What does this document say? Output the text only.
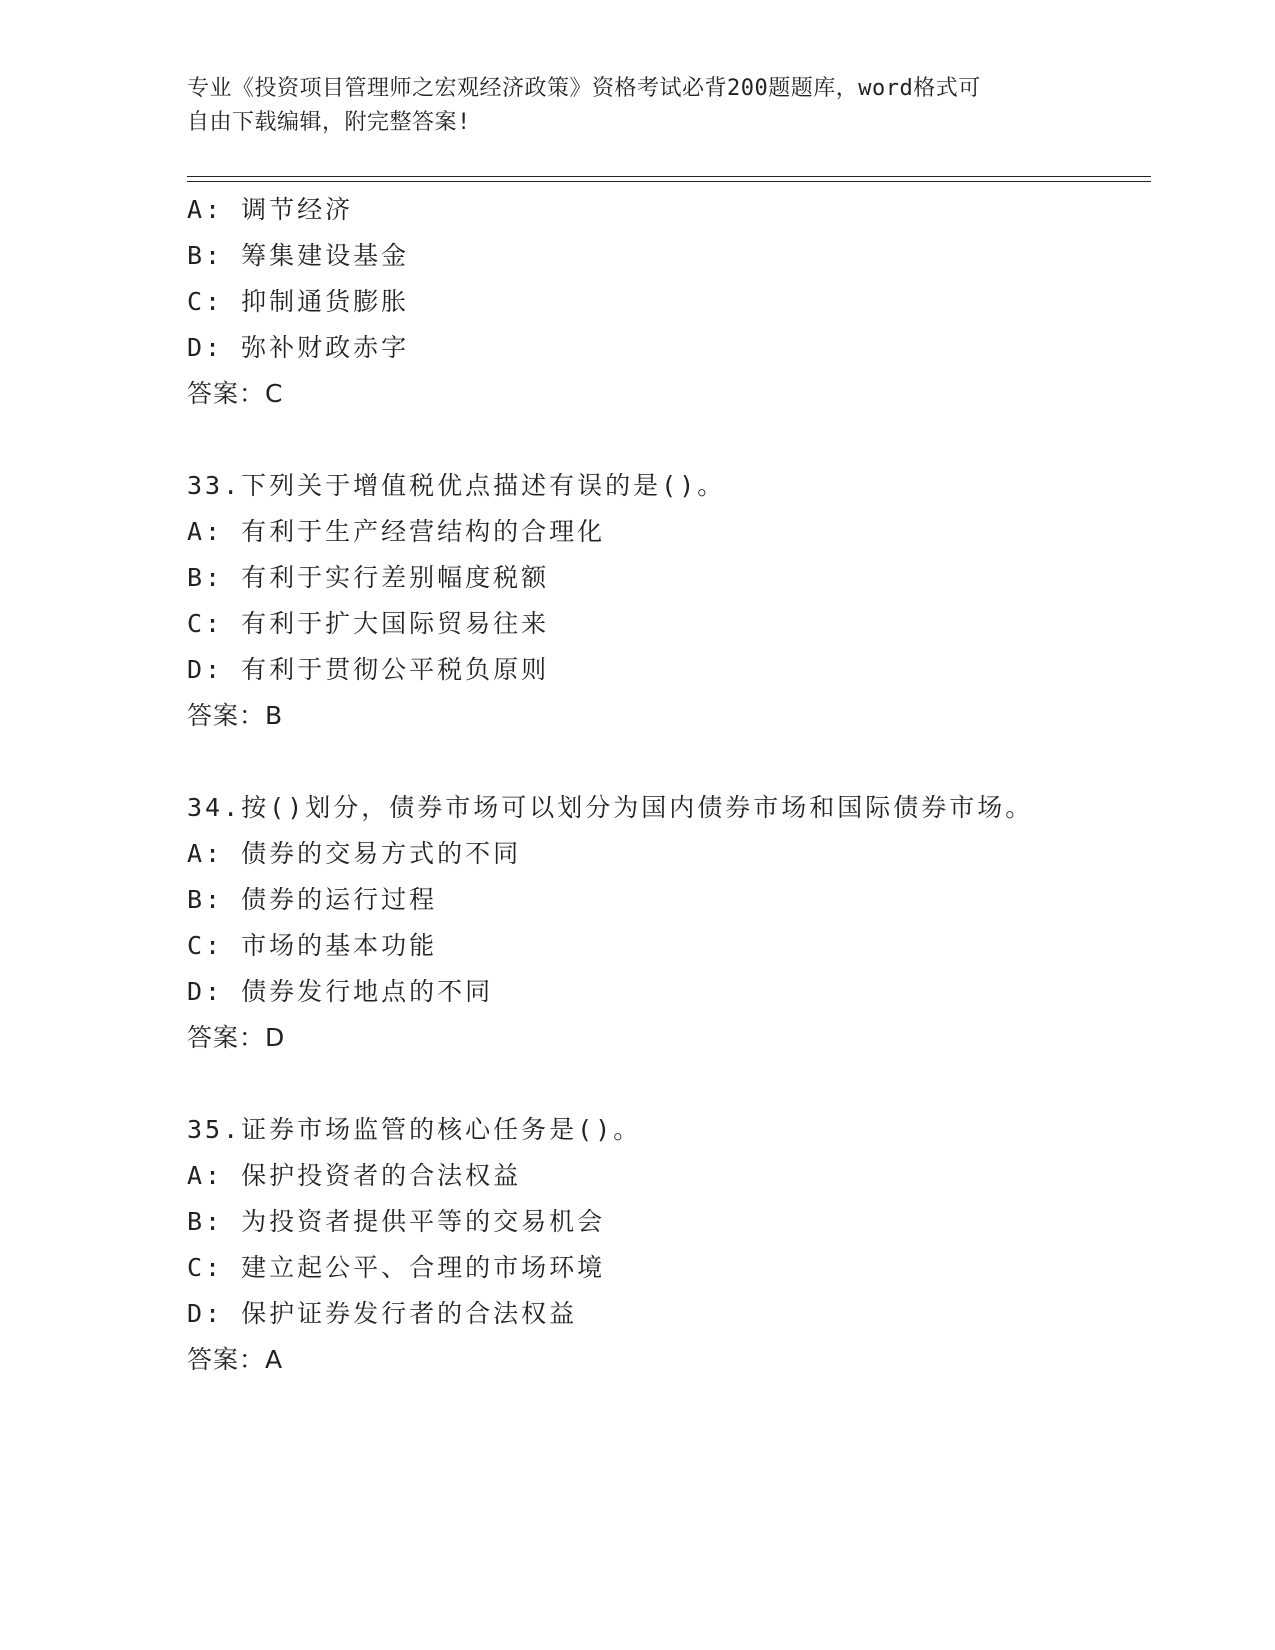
专业《投资项目管理师之宏观经济政策》资格考试必背200题题库，word格式可
自由下载编辑，附完整答案!
A: 调节经济
B: 筹集建设基金
C: 抑制通货膨胀
D: 弥补财政赤字
答案：C
33.下列关于增值税优点描述有误的是()。
A: 有利于生产经营结构的合理化
B: 有利于实行差别幅度税额
C: 有利于扩大国际贸易往来
D: 有利于贯彻公平税负原则
答案：B
34.按()划分，债券市场可以划分为国内债券市场和国际债券市场。
A: 债券的交易方式的不同
B: 债券的运行过程
C: 市场的基本功能
D: 债券发行地点的不同
答案：D
35.证券市场监管的核心任务是()。
A: 保护投资者的合法权益
B: 为投资者提供平等的交易机会
C: 建立起公平、合理的市场环境
D: 保护证券发行者的合法权益
答案：A
